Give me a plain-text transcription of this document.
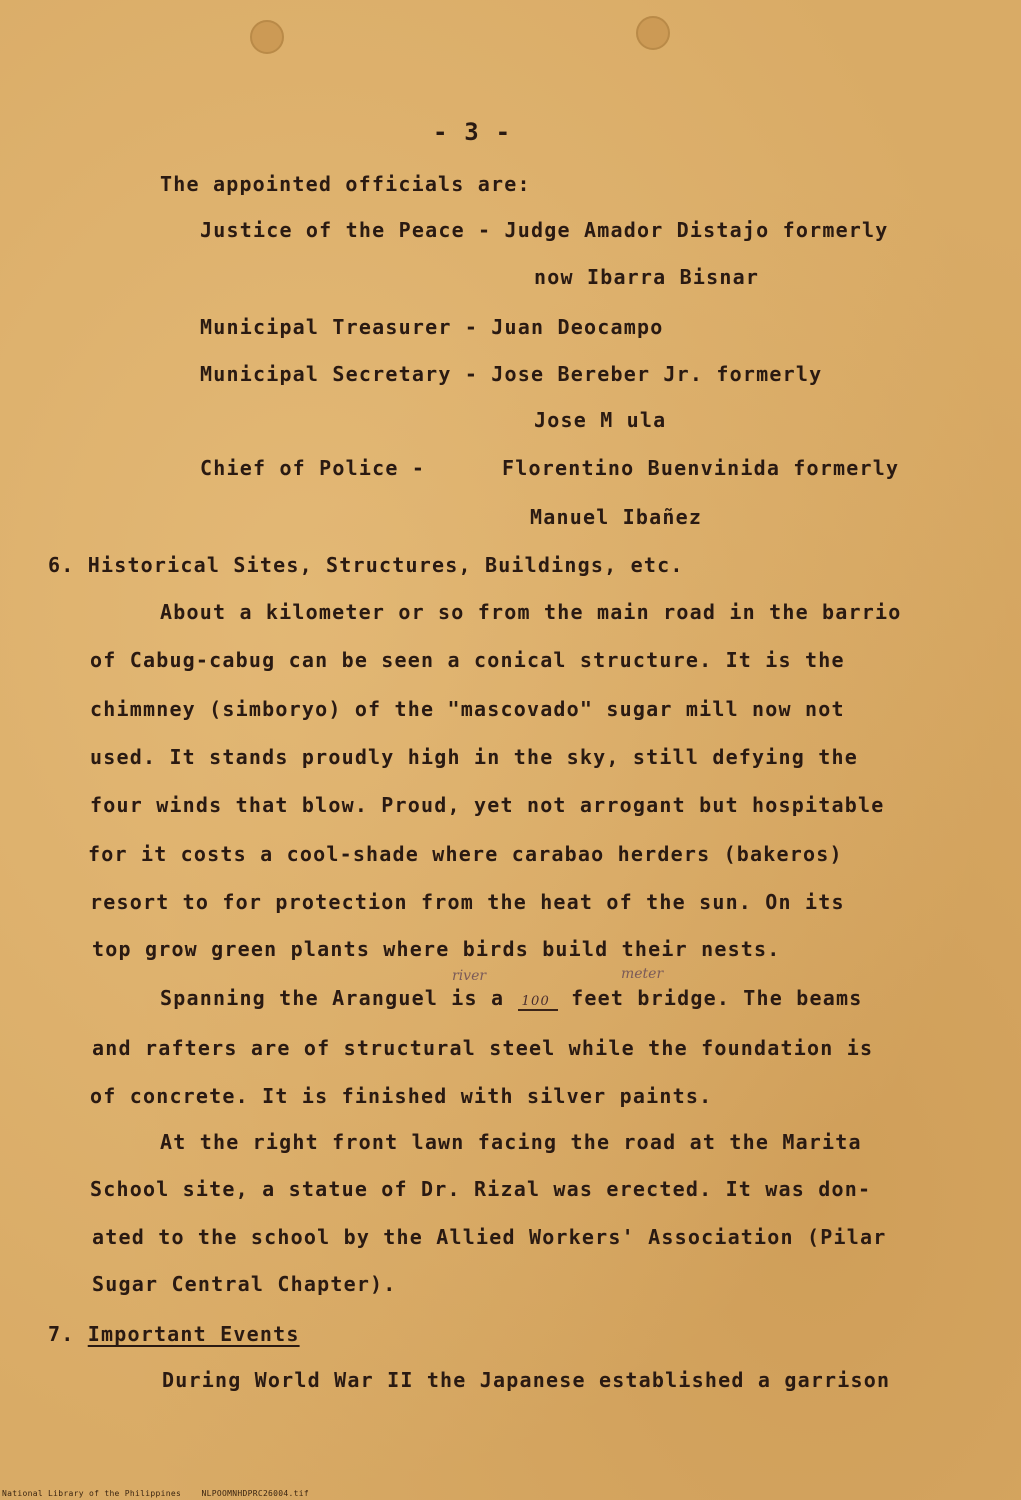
- 3 -
The appointed officials are:
Justice of the Peace - Judge Amador Distajo formerly
now Ibarra Bisnar
Municipal Treasurer - Juan Deocampo
Municipal Secretary - Jose Bereber Jr. formerly
Jose M ula
Chief of Police -	Florentino Buenvinida formerly
Manuel Ibañez
6. Historical Sites, Structures, Buildings, etc.
About a kilometer or so from the main road in the barrio
of Cabug-cabug can be seen a conical structure. It is the
chimmney (simboryo) of the "mascovado" sugar mill now not
used. It stands proudly high in the sky, still defying the
four winds that blow. Proud, yet not arrogant but hospitable
for it costs a cool-shade where carabao herders (bakeros)
resort to for protection from the heat of the sun. On its
top grow green plants where birds build their nests.
river	meter
Spanning the Aranguel is a 100 feet bridge. The beams
and rafters are of structural steel while the foundation is
of concrete. It is finished with silver paints.
At the right front lawn facing the road at the Marita
School site, a statue of Dr. Rizal was erected. It was don-
ated to the school by the Allied Workers' Association (Pilar
Sugar Central Chapter).
7. Important Events
During World War II the Japanese established a garrison
National Library of the Philippines	NLPOOMNHDPRC26004.tif
